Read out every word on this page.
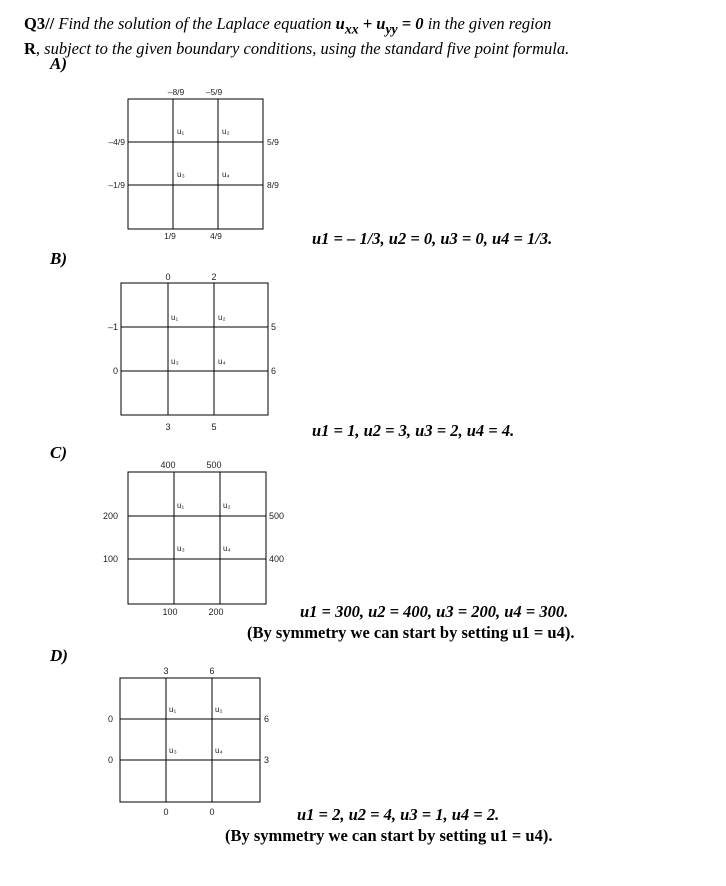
Q3// Find the solution of the Laplace equation $u_{xx} + u_{yy} = 0$ in the given region
R, subject to the given boundary conditions, using the standard five point formula.
A)
–8/9	–5/9
–4/9
–1/9
5/9
8/9
1/9	4/9
u₁	u₂
u₃	u₄
u1 = – 1/3, u2 = 0, u3 = 0, u4 = 1/3.
B)
0	2
–1
0
5
6
3	5
u₁	u₂
u₃	u₄
u1 = 1, u2 = 3, u3 = 2, u4 = 4.
C)
400	500
200
100
500
400
100	200
u₁	u₂
u₃	u₄
u1 = 300, u2 = 400, u3 = 200, u4 = 300.
(By symmetry we can start by setting u1 = u4).
D)
3	6
0
0
6
3
0	0
u₁	u₂
u₃	u₄
u1 = 2, u2 = 4, u3 = 1, u4 = 2.
(By symmetry we can start by setting u1 = u4).
